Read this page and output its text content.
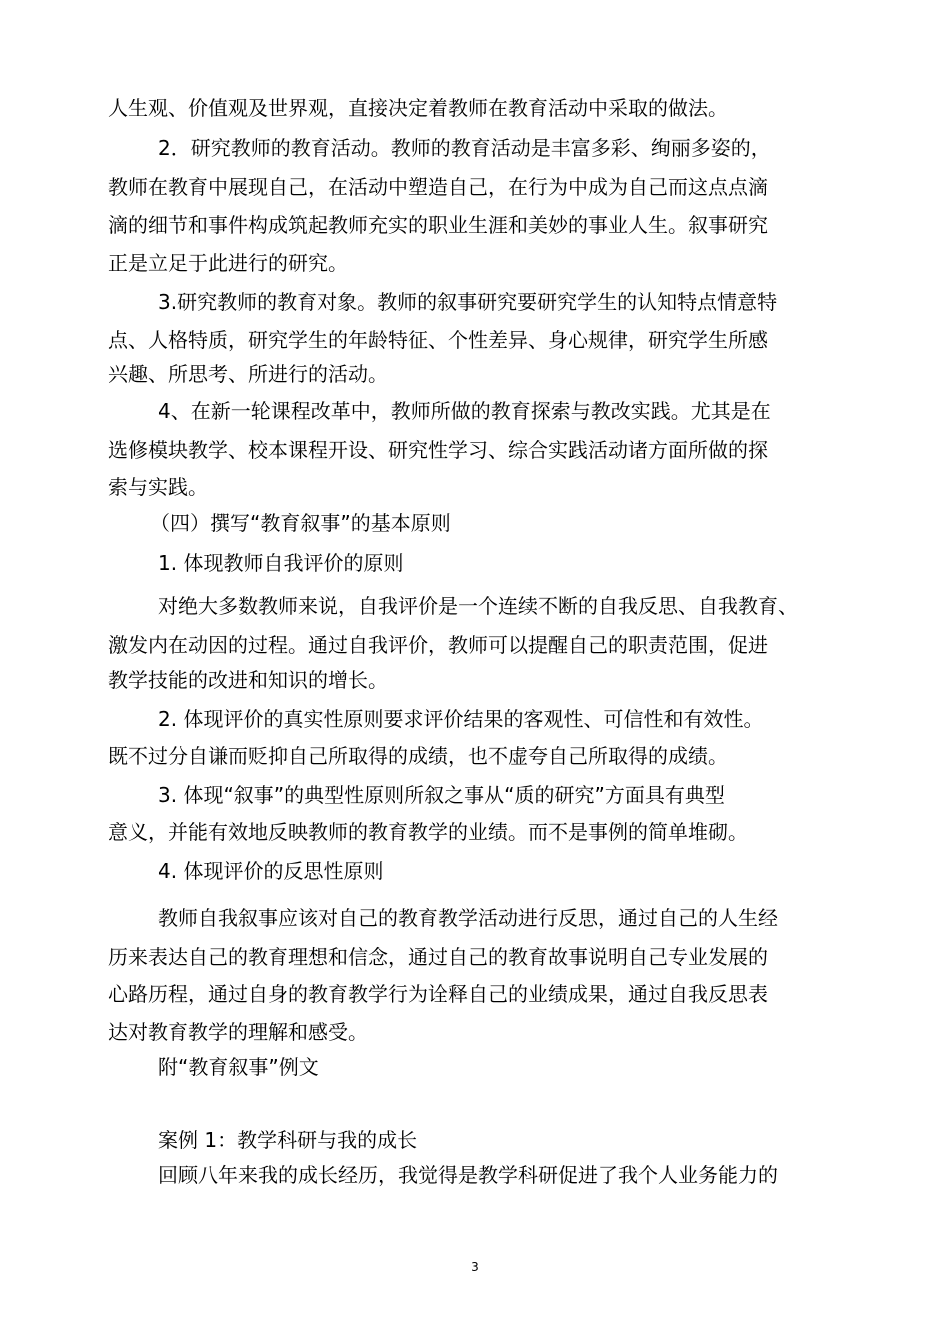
人生观、价值观及世界观，直接决定着教师在教育活动中采取的做法。
2．研究教师的教育活动。教师的教育活动是丰富多彩、绚丽多姿的，
教师在教育中展现自己，在活动中塑造自己，在行为中成为自己而这点点滴
滴的细节和事件构成筑起教师充实的职业生涯和美妙的事业人生。叙事研究
正是立足于此进行的研究。
3.研究教师的教育对象。教师的叙事研究要研究学生的认知特点情意特
点、人格特质，研究学生的年龄特征、个性差异、身心规律，研究学生所感
兴趣、所思考、所进行的活动。
4、在新一轮课程改革中，教师所做的教育探索与教改实践。尤其是在
选修模块教学、校本课程开设、研究性学习、综合实践活动诸方面所做的探
索与实践。
（四）撰写“教育叙事”的基本原则
1. 体现教师自我评价的原则
对绝大多数教师来说，自我评价是一个连续不断的自我反思、自我教育、
激发内在动因的过程。通过自我评价，教师可以提醒自己的职责范围，促进
教学技能的改进和知识的增长。
2. 体现评价的真实性原则要求评价结果的客观性、可信性和有效性。
既不过分自谦而贬抑自己所取得的成绩，也不虚夸自己所取得的成绩。
3. 体现“叙事”的典型性原则所叙之事从“质的研究”方面具有典型
意义，并能有效地反映教师的教育教学的业绩。而不是事例的简单堆砌。
4. 体现评价的反思性原则
教师自我叙事应该对自己的教育教学活动进行反思，通过自己的人生经
历来表达自己的教育理想和信念，通过自己的教育故事说明自己专业发展的
心路历程，通过自身的教育教学行为诠释自己的业绩成果，通过自我反思表
达对教育教学的理解和感受。
附“教育叙事”例文
案例 1：教学科研与我的成长
回顾八年来我的成长经历，我觉得是教学科研促进了我个人业务能力的
3
